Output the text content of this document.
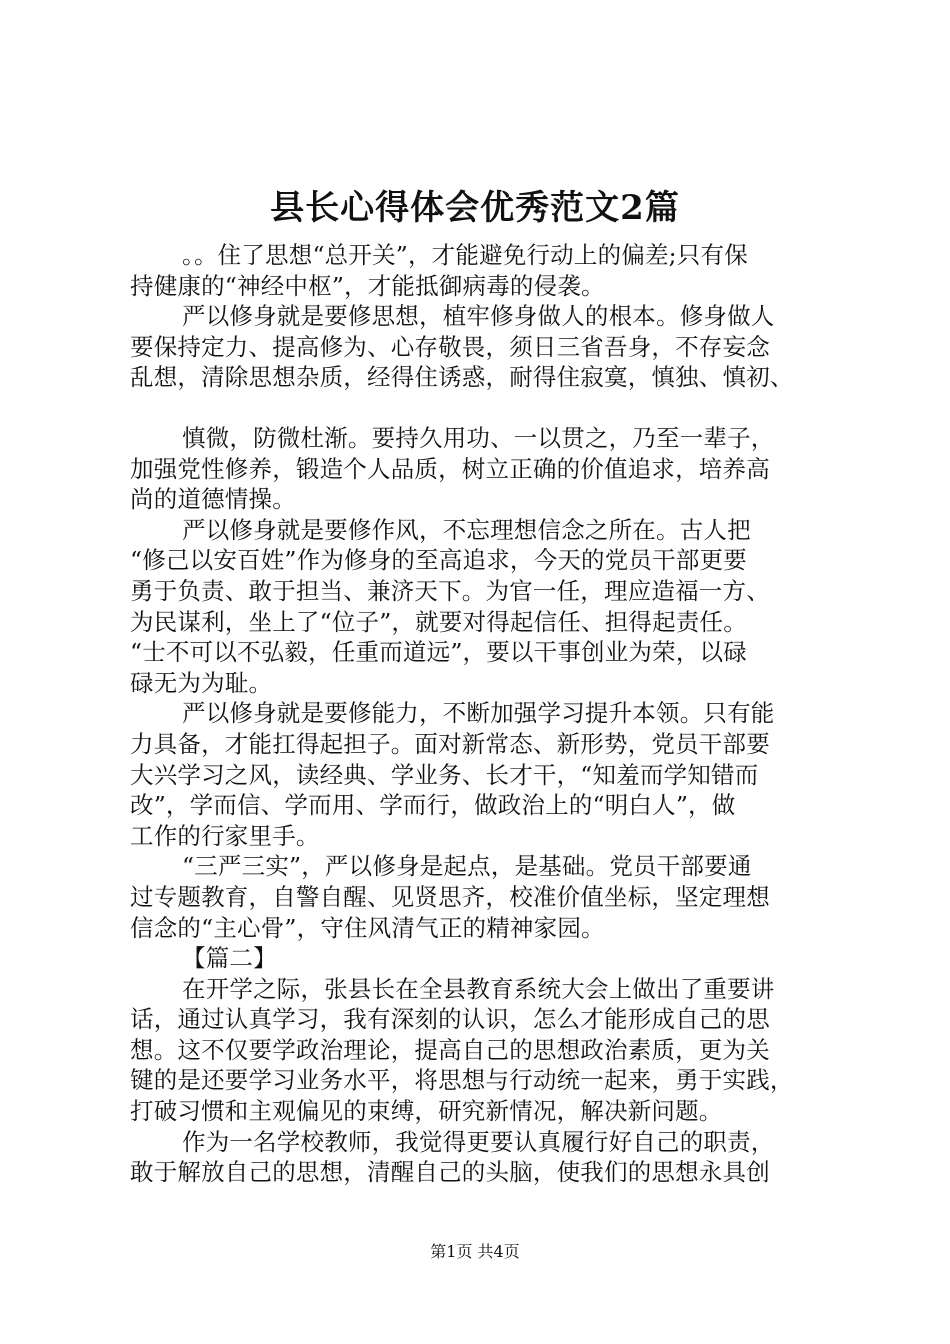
县长心得体会优秀范文2篇
。。住了思想“总开关”，才能避免行动上的偏差;只有保
持健康的“神经中枢”，才能抵御病毒的侵袭。
严以修身就是要修思想，植牢修身做人的根本。修身做人
要保持定力、提高修为、心存敬畏，须日三省吾身，不存妄念
乱想，清除思想杂质，经得住诱惑，耐得住寂寞，慎独、慎初、
慎微，防微杜渐。要持久用功、一以贯之，乃至一辈子，
加强党性修养，锻造个人品质，树立正确的价值追求，培养高
尚的道德情操。
严以修身就是要修作风，不忘理想信念之所在。古人把
“修己以安百姓”作为修身的至高追求，今天的党员干部更要
勇于负责、敢于担当、兼济天下。为官一任，理应造福一方、
为民谋利，坐上了“位子”，就要对得起信任、担得起责任。
“士不可以不弘毅，任重而道远”，要以干事创业为荣，以碌
碌无为为耻。
严以修身就是要修能力，不断加强学习提升本领。只有能
力具备，才能扛得起担子。面对新常态、新形势，党员干部要
大兴学习之风，读经典、学业务、长才干，“知羞而学知错而
改”，学而信、学而用、学而行，做政治上的“明白人”，做
工作的行家里手。
“三严三实”，严以修身是起点，是基础。党员干部要通
过专题教育，自警自醒、见贤思齐，校准价值坐标，坚定理想
信念的“主心骨”，守住风清气正的精神家园。
【篇二】
在开学之际，张县长在全县教育系统大会上做出了重要讲
话，通过认真学习，我有深刻的认识，怎么才能形成自己的思
想。这不仅要学政治理论，提高自己的思想政治素质，更为关
键的是还要学习业务水平，将思想与行动统一起来，勇于实践，
打破习惯和主观偏见的束缚，研究新情况，解决新问题。
作为一名学校教师，我觉得更要认真履行好自己的职责，
敢于解放自己的思想，清醒自己的头脑，使我们的思想永具创
第1页 共4页
